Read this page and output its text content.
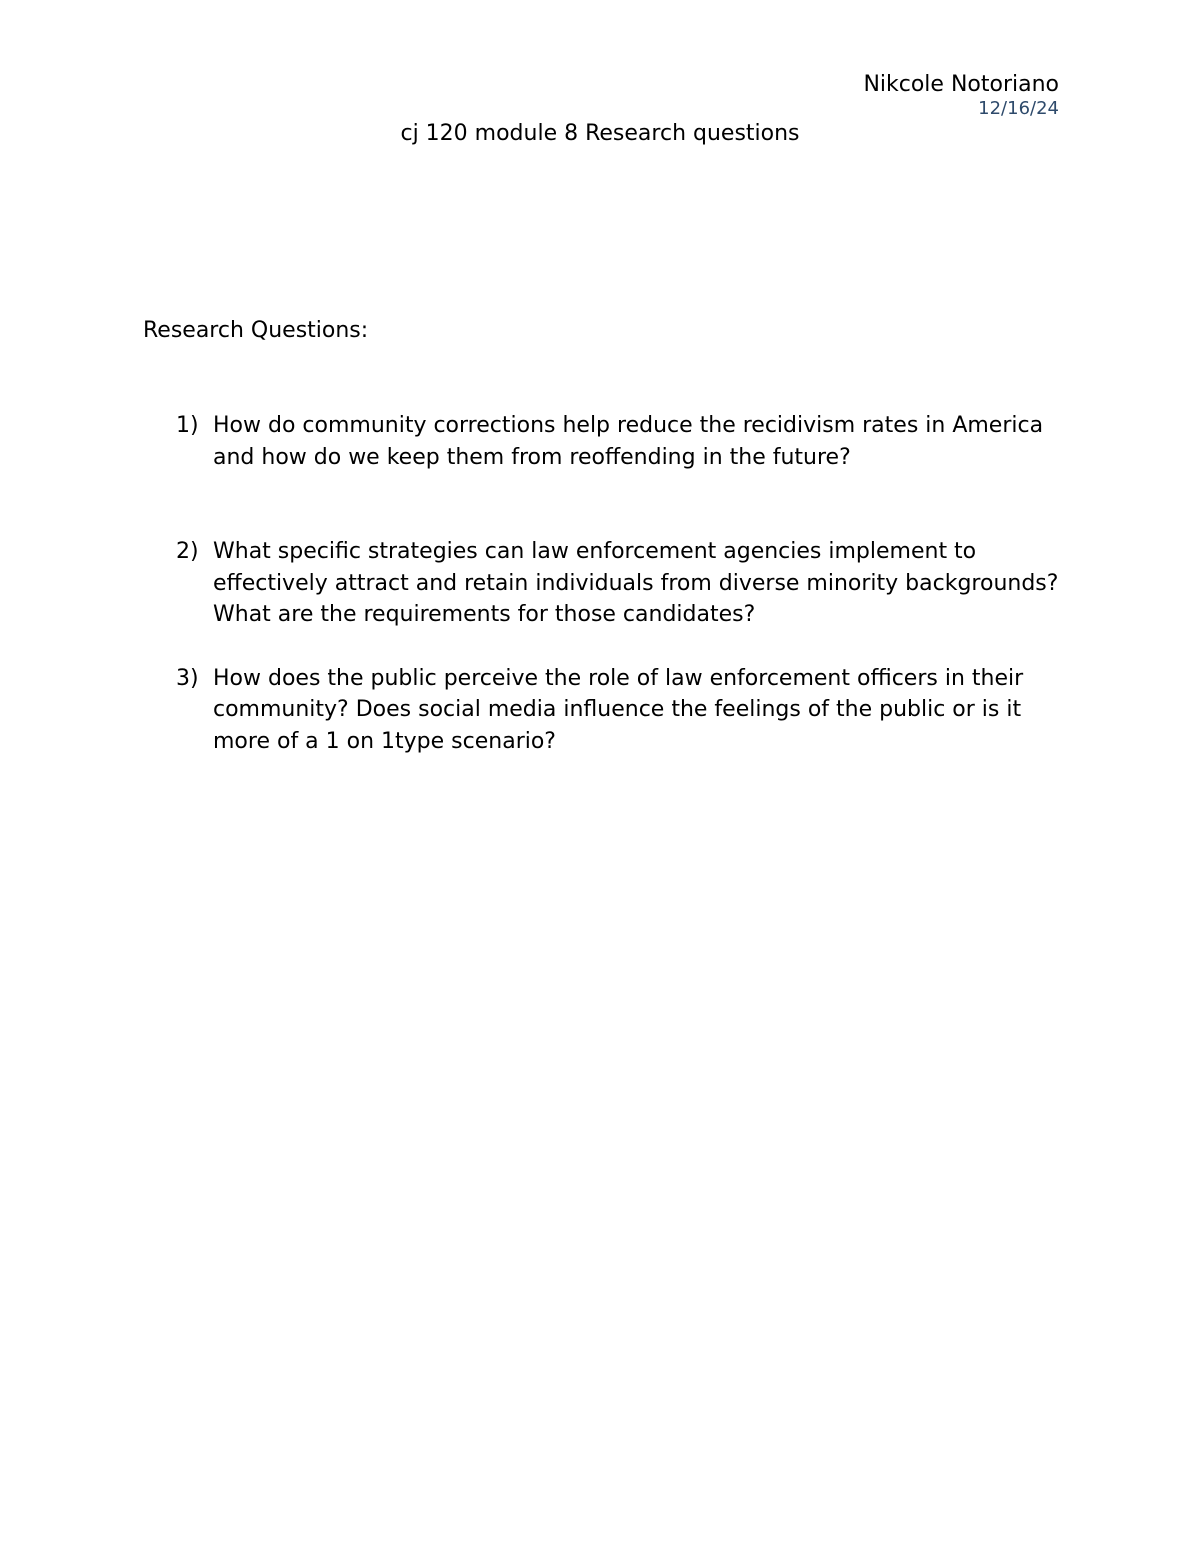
Nikcole Notoriano
12/16/24
cj 120 module 8 Research questions
Research Questions:
1) How do community corrections help reduce the recidivism rates in America and how do we keep them from reoffending in the future?
2) What specific strategies can law enforcement agencies implement to effectively attract and retain individuals from diverse minority backgrounds? What are the requirements for those candidates?
3) How does the public perceive the role of law enforcement officers in their community? Does social media influence the feelings of the public or is it more of a 1 on 1type scenario?
